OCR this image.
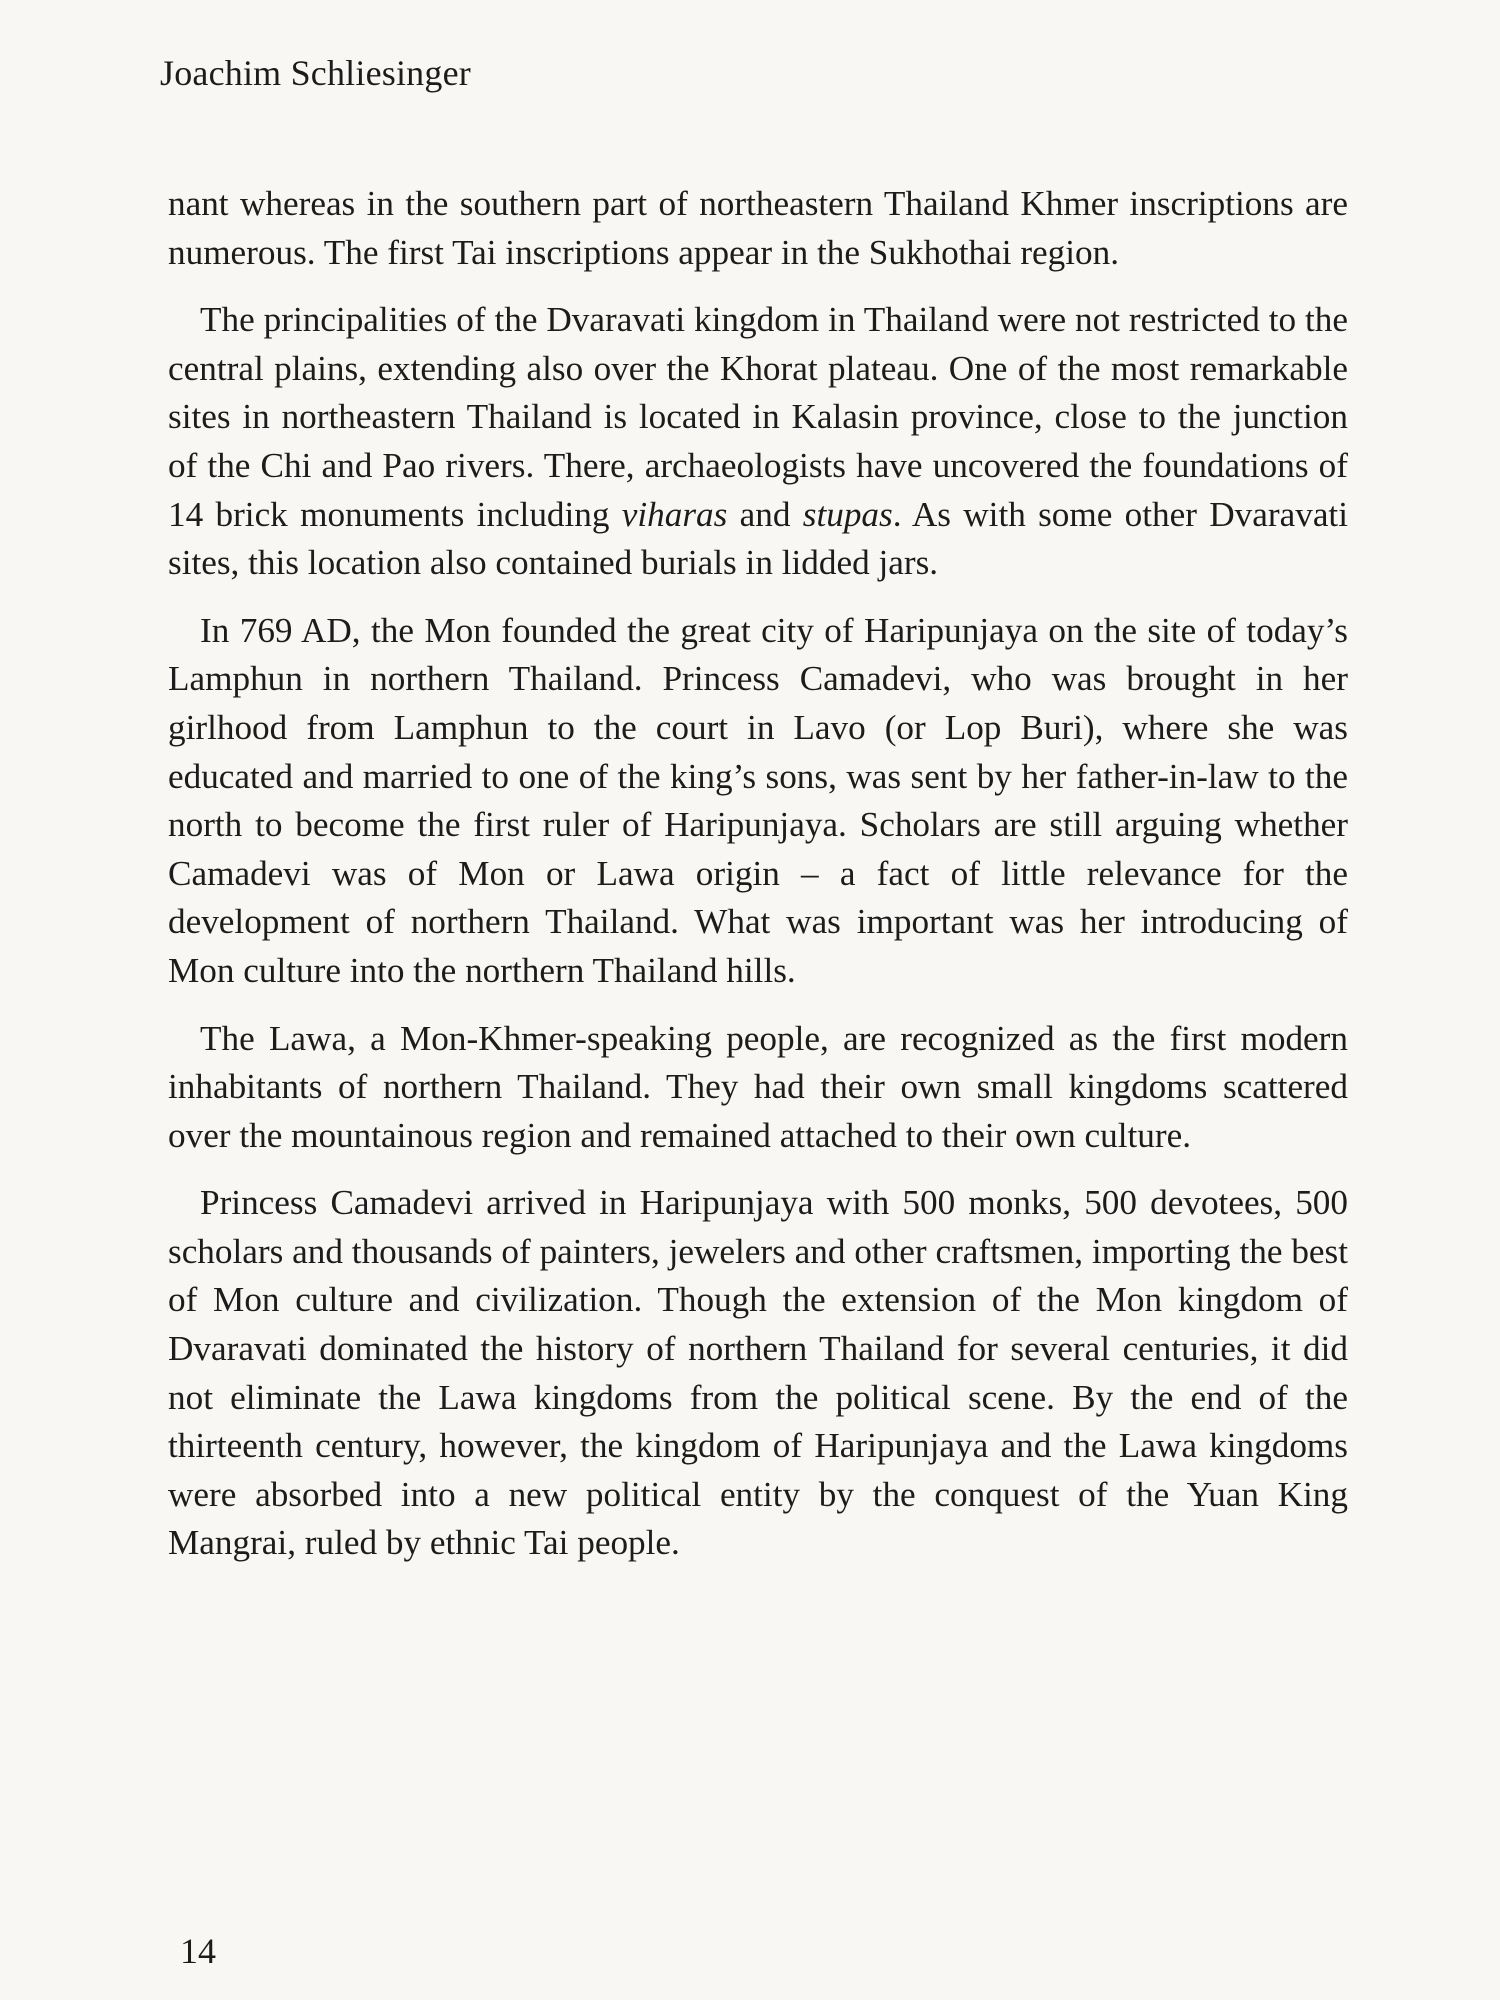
Joachim Schliesinger

nant whereas in the southern part of northeastern Thailand Khmer inscriptions are numerous. The first Tai inscriptions appear in the Sukhothai region.

The principalities of the Dvaravati kingdom in Thailand were not restricted to the central plains, extending also over the Khorat plateau. One of the most remarkable sites in northeastern Thailand is located in Kalasin province, close to the junction of the Chi and Pao rivers. There, archaeologists have uncovered the foundations of 14 brick monuments including viharas and stupas. As with some other Dvaravati sites, this location also contained burials in lidded jars.

In 769 AD, the Mon founded the great city of Haripunjaya on the site of today’s Lamphun in northern Thailand. Princess Camadevi, who was brought in her girlhood from Lamphun to the court in Lavo (or Lop Buri), where she was educated and married to one of the king’s sons, was sent by her father-in-law to the north to become the first ruler of Haripunjaya. Scholars are still arguing whether Camadevi was of Mon or Lawa origin – a fact of little relevance for the development of northern Thailand. What was important was her introducing of Mon culture into the northern Thailand hills.

The Lawa, a Mon-Khmer-speaking people, are recognized as the first modern inhabitants of northern Thailand. They had their own small kingdoms scattered over the mountainous region and remained attached to their own culture.

Princess Camadevi arrived in Haripunjaya with 500 monks, 500 devotees, 500 scholars and thousands of painters, jewelers and other craftsmen, importing the best of Mon culture and civilization. Though the extension of the Mon kingdom of Dvaravati dominated the history of northern Thailand for several centuries, it did not eliminate the Lawa kingdoms from the political scene. By the end of the thirteenth century, however, the kingdom of Haripunjaya and the Lawa kingdoms were absorbed into a new political entity by the conquest of the Yuan King Mangrai, ruled by ethnic Tai people.

14
